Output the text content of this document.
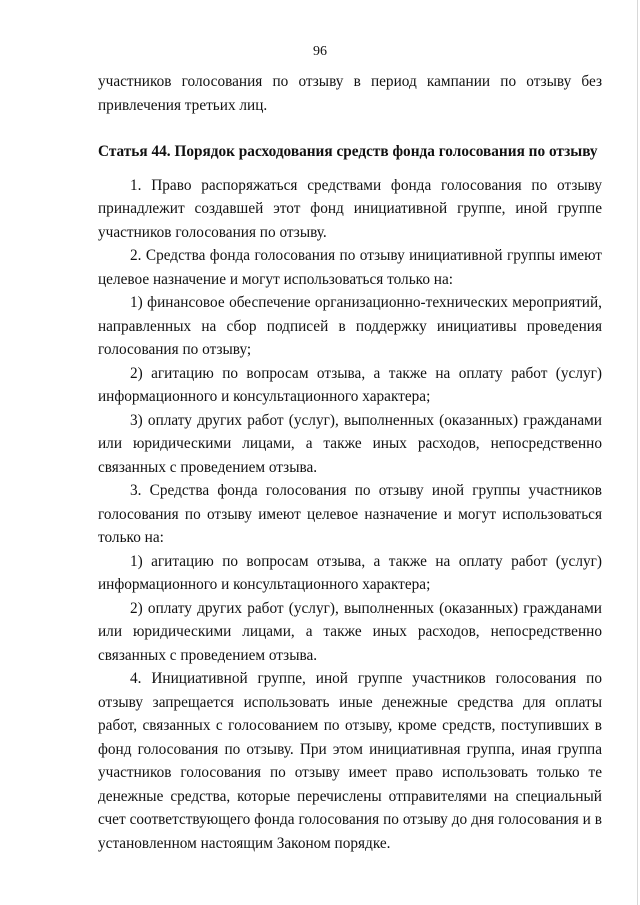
96

участников голосования по отзыву в период кампании по отзыву без привлечения третьих лиц.

Статья 44. Порядок расходования средств фонда голосования по отзыву

1. Право распоряжаться средствами фонда голосования по отзыву принадлежит создавшей этот фонд инициативной группе, иной группе участников голосования по отзыву.

2. Средства фонда голосования по отзыву инициативной группы имеют целевое назначение и могут использоваться только на:

1) финансовое обеспечение организационно-технических мероприятий, направленных на сбор подписей в поддержку инициативы проведения голосования по отзыву;

2) агитацию по вопросам отзыва, а также на оплату работ (услуг) информационного и консультационного характера;

3) оплату других работ (услуг), выполненных (оказанных) гражданами или юридическими лицами, а также иных расходов, непосредственно связанных с проведением отзыва.

3. Средства фонда голосования по отзыву иной группы участников голосования по отзыву имеют целевое назначение и могут использоваться только на:

1) агитацию по вопросам отзыва, а также на оплату работ (услуг) информационного и консультационного характера;

2) оплату других работ (услуг), выполненных (оказанных) гражданами или юридическими лицами, а также иных расходов, непосредственно связанных с проведением отзыва.

4. Инициативной группе, иной группе участников голосования по отзыву запрещается использовать иные денежные средства для оплаты работ, связанных с голосованием по отзыву, кроме средств, поступивших в фонд голосования по отзыву. При этом инициативная группа, иная группа участников голосования по отзыву имеет право использовать только те денежные средства, которые перечислены отправителями на специальный счет соответствующего фонда голосования по отзыву до дня голосования и в установленном настоящим Законом порядке.
